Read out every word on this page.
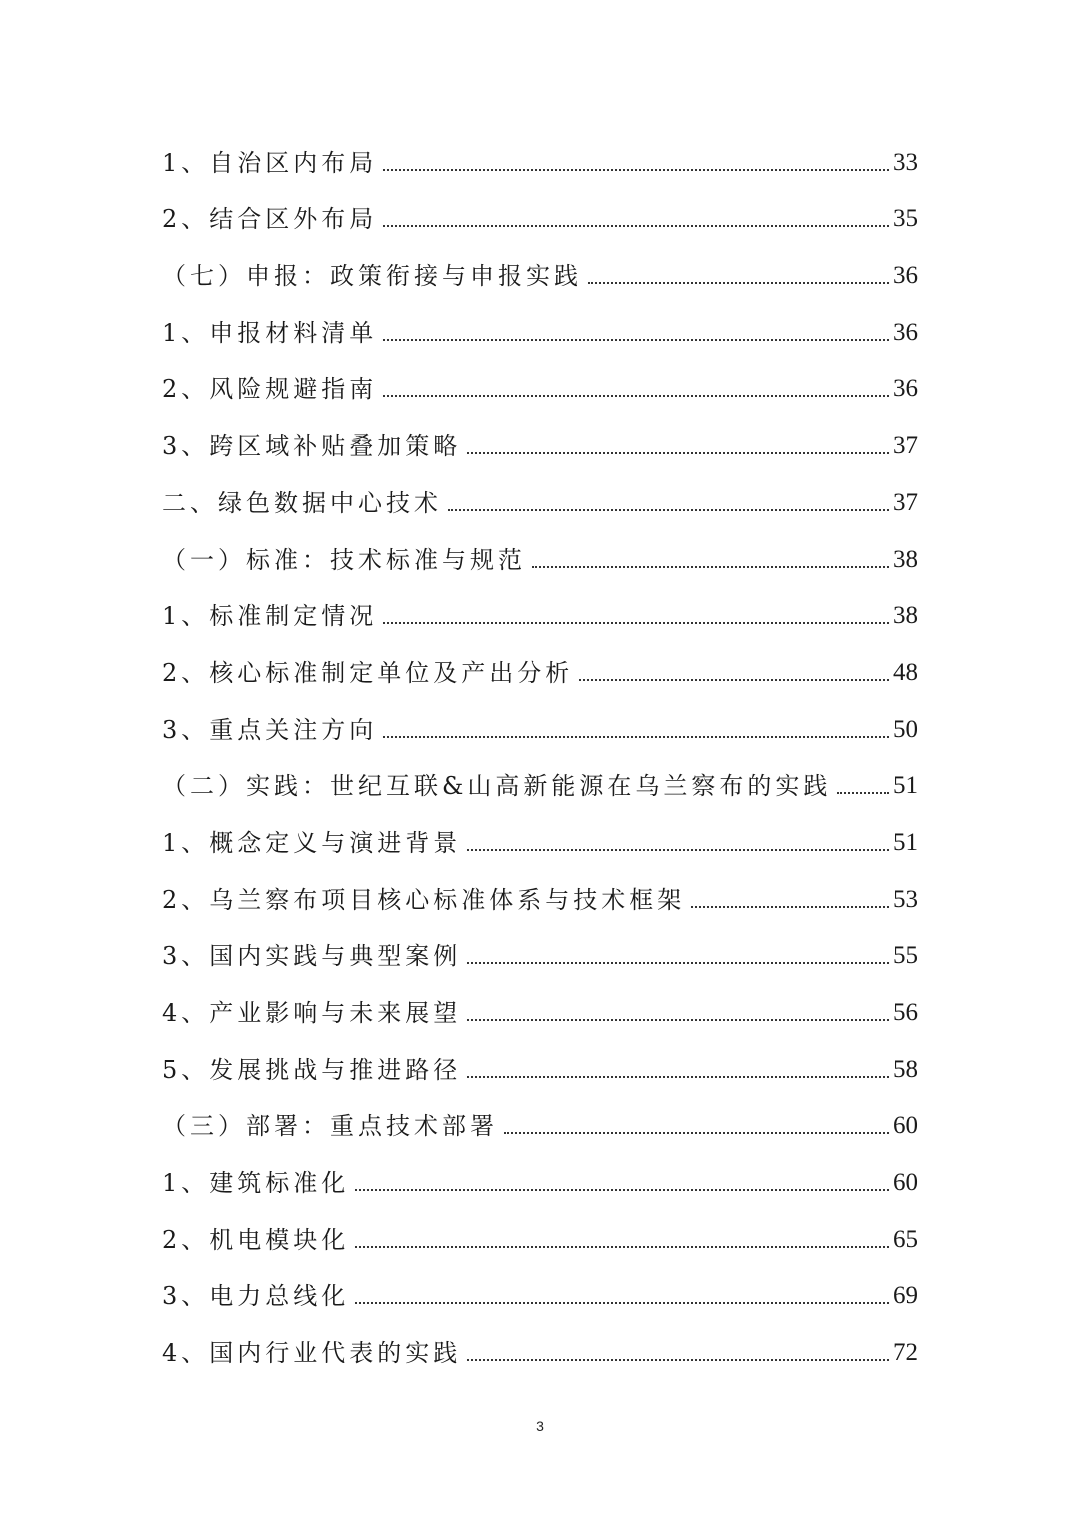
1、自治区内布局	33
2、结合区外布局	35
（七）申报：政策衔接与申报实践	36
1、申报材料清单	36
2、风险规避指南	36
3、跨区域补贴叠加策略	37
二、绿色数据中心技术	37
（一）标准：技术标准与规范	38
1、标准制定情况	38
2、核心标准制定单位及产出分析	48
3、重点关注方向	50
（二）实践：世纪互联&山高新能源在乌兰察布的实践 51
1、概念定义与演进背景	51
2、乌兰察布项目核心标准体系与技术框架	53
3、国内实践与典型案例	55
4、产业影响与未来展望	56
5、发展挑战与推进路径	58
（三）部署：重点技术部署	60
1、建筑标准化	60
2、机电模块化	65
3、电力总线化	69
4、国内行业代表的实践	72
3
